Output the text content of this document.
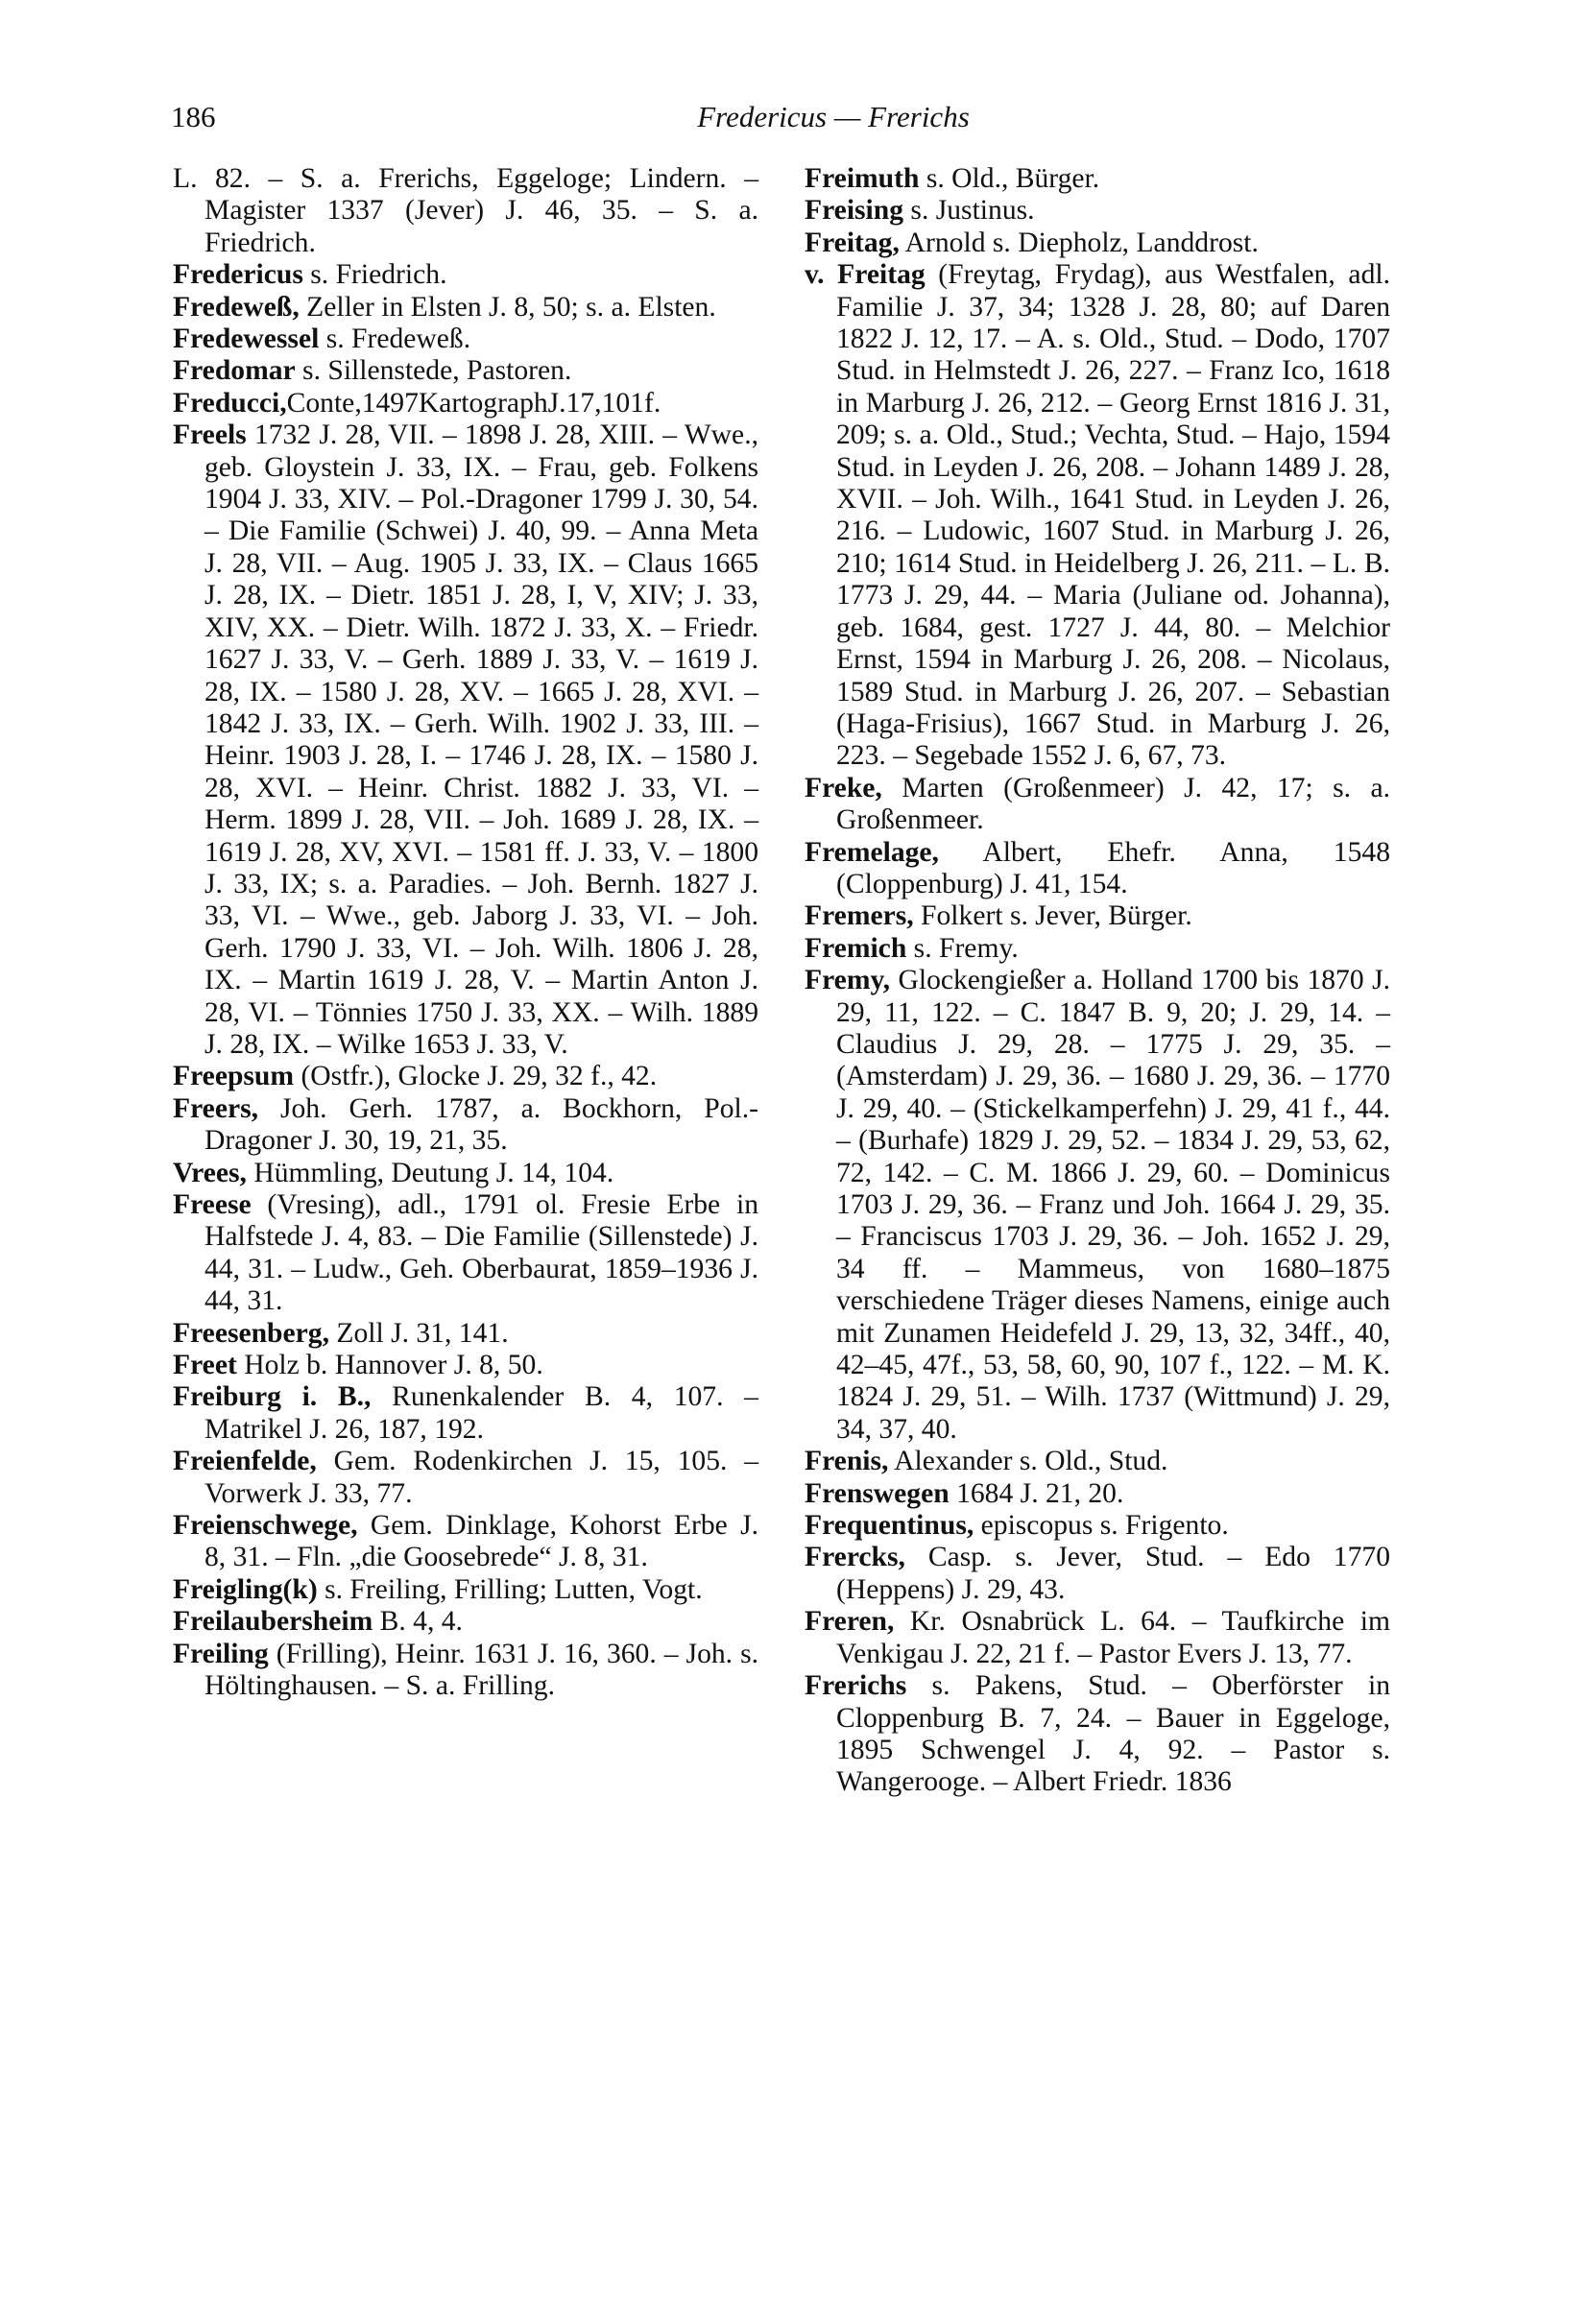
186	Fredericus — Frerichs

L. 82. – S. a. Frerichs, Eggeloge; Lindern. – Magister 1337 (Jever) J. 46, 35. – S. a. Friedrich.

Fredericus s. Friedrich.

Fredeweß, Zeller in Elsten J. 8, 50; s. a. Elsten.

Fredewessel s. Fredeweß.

Fredomar s. Sillenstede, Pastoren.

Freducci,Conte,1497KartographJ.17,101f.

Freels 1732 J. 28, VII. – 1898 J. 28, XIII. – Wwe., geb. Gloystein J. 33, IX. – Frau, geb. Folkens 1904 J. 33, XIV. – Pol.-Dragoner 1799 J. 30, 54. – Die Familie (Schwei) J. 40, 99. – Anna Meta J. 28, VII. – Aug. 1905 J. 33, IX. – Claus 1665 J. 28, IX. – Dietr. 1851 J. 28, I, V, XIV; J. 33, XIV, XX. – Dietr. Wilh. 1872 J. 33, X. – Friedr. 1627 J. 33, V. – Gerh. 1889 J. 33, V. – 1619 J. 28, IX. – 1580 J. 28, XV. – 1665 J. 28, XVI. – 1842 J. 33, IX. – Gerh. Wilh. 1902 J. 33, III. – Heinr. 1903 J. 28, I. – 1746 J. 28, IX. – 1580 J. 28, XVI. – Heinr. Christ. 1882 J. 33, VI. – Herm. 1899 J. 28, VII. – Joh. 1689 J. 28, IX. – 1619 J. 28, XV, XVI. – 1581 ff. J. 33, V. – 1800 J. 33, IX; s. a. Paradies. – Joh. Bernh. 1827 J. 33, VI. – Wwe., geb. Jaborg J. 33, VI. – Joh. Gerh. 1790 J. 33, VI. – Joh. Wilh. 1806 J. 28, IX. – Martin 1619 J. 28, V. – Martin Anton J. 28, VI. – Tönnies 1750 J. 33, XX. – Wilh. 1889 J. 28, IX. – Wilke 1653 J. 33, V.

Freepsum (Ostfr.), Glocke J. 29, 32 f., 42.

Freers, Joh. Gerh. 1787, a. Bockhorn, Pol.-Dragoner J. 30, 19, 21, 35.

Vrees, Hümmling, Deutung J. 14, 104.

Freese (Vresing), adl., 1791 ol. Fresie Erbe in Halfstede J. 4, 83. – Die Familie (Sillenstede) J. 44, 31. – Ludw., Geh. Oberbaurat, 1859–1936 J. 44, 31.

Freesenberg, Zoll J. 31, 141.

Freet Holz b. Hannover J. 8, 50.

Freiburg i. B., Runenkalender B. 4, 107. – Matrikel J. 26, 187, 192.

Freienfelde, Gem. Rodenkirchen J. 15, 105. – Vorwerk J. 33, 77.

Freienschwege, Gem. Dinklage, Kohorst Erbe J. 8, 31. – Fln. „die Goosebrede“ J. 8, 31.

Freigling(k) s. Freiling, Frilling; Lutten, Vogt.

Freilaubersheim B. 4, 4.

Freiling (Frilling), Heinr. 1631 J. 16, 360. – Joh. s. Höltinghausen. – S. a. Frilling.

Freimuth s. Old., Bürger.

Freising s. Justinus.

Freitag, Arnold s. Diepholz, Landdrost.

v. Freitag (Freytag, Frydag), aus Westfalen, adl. Familie J. 37, 34; 1328 J. 28, 80; auf Daren 1822 J. 12, 17. – A. s. Old., Stud. – Dodo, 1707 Stud. in Helmstedt J. 26, 227. – Franz Ico, 1618 in Marburg J. 26, 212. – Georg Ernst 1816 J. 31, 209; s. a. Old., Stud.; Vechta, Stud. – Hajo, 1594 Stud. in Leyden J. 26, 208. – Johann 1489 J. 28, XVII. – Joh. Wilh., 1641 Stud. in Leyden J. 26, 216. – Ludowic, 1607 Stud. in Marburg J. 26, 210; 1614 Stud. in Heidelberg J. 26, 211. – L. B. 1773 J. 29, 44. – Maria (Juliane od. Johanna), geb. 1684, gest. 1727 J. 44, 80. – Melchior Ernst, 1594 in Marburg J. 26, 208. – Nicolaus, 1589 Stud. in Marburg J. 26, 207. – Sebastian (Haga-Frisius), 1667 Stud. in Marburg J. 26, 223. – Segebade 1552 J. 6, 67, 73.

Freke, Marten (Großenmeer) J. 42, 17; s. a. Großenmeer.

Fremelage, Albert, Ehefr. Anna, 1548 (Cloppenburg) J. 41, 154.

Fremers, Folkert s. Jever, Bürger.

Fremich s. Fremy.

Fremy, Glockengießer a. Holland 1700 bis 1870 J. 29, 11, 122. – C. 1847 B. 9, 20; J. 29, 14. – Claudius J. 29, 28. – 1775 J. 29, 35. – (Amsterdam) J. 29, 36. – 1680 J. 29, 36. – 1770 J. 29, 40. – (Stickelkamperfehn) J. 29, 41 f., 44. – (Burhafe) 1829 J. 29, 52. – 1834 J. 29, 53, 62, 72, 142. – C. M. 1866 J. 29, 60. – Dominicus 1703 J. 29, 36. – Franz und Joh. 1664 J. 29, 35. – Franciscus 1703 J. 29, 36. – Joh. 1652 J. 29, 34 ff. – Mammeus, von 1680–1875 verschiedene Träger dieses Namens, einige auch mit Zunamen Heidefeld J. 29, 13, 32, 34ff., 40, 42–45, 47f., 53, 58, 60, 90, 107 f., 122. – M. K. 1824 J. 29, 51. – Wilh. 1737 (Wittmund) J. 29, 34, 37, 40.

Frenis, Alexander s. Old., Stud.

Frenswegen 1684 J. 21, 20.

Frequentinus, episcopus s. Frigento.

Frercks, Casp. s. Jever, Stud. – Edo 1770 (Heppens) J. 29, 43.

Freren, Kr. Osnabrück L. 64. – Taufkirche im Venkigau J. 22, 21 f. – Pastor Evers J. 13, 77.

Frerichs s. Pakens, Stud. – Oberförster in Cloppenburg B. 7, 24. – Bauer in Eggeloge, 1895 Schwengel J. 4, 92. – Pastor s. Wangerooge. – Albert Friedr. 1836
